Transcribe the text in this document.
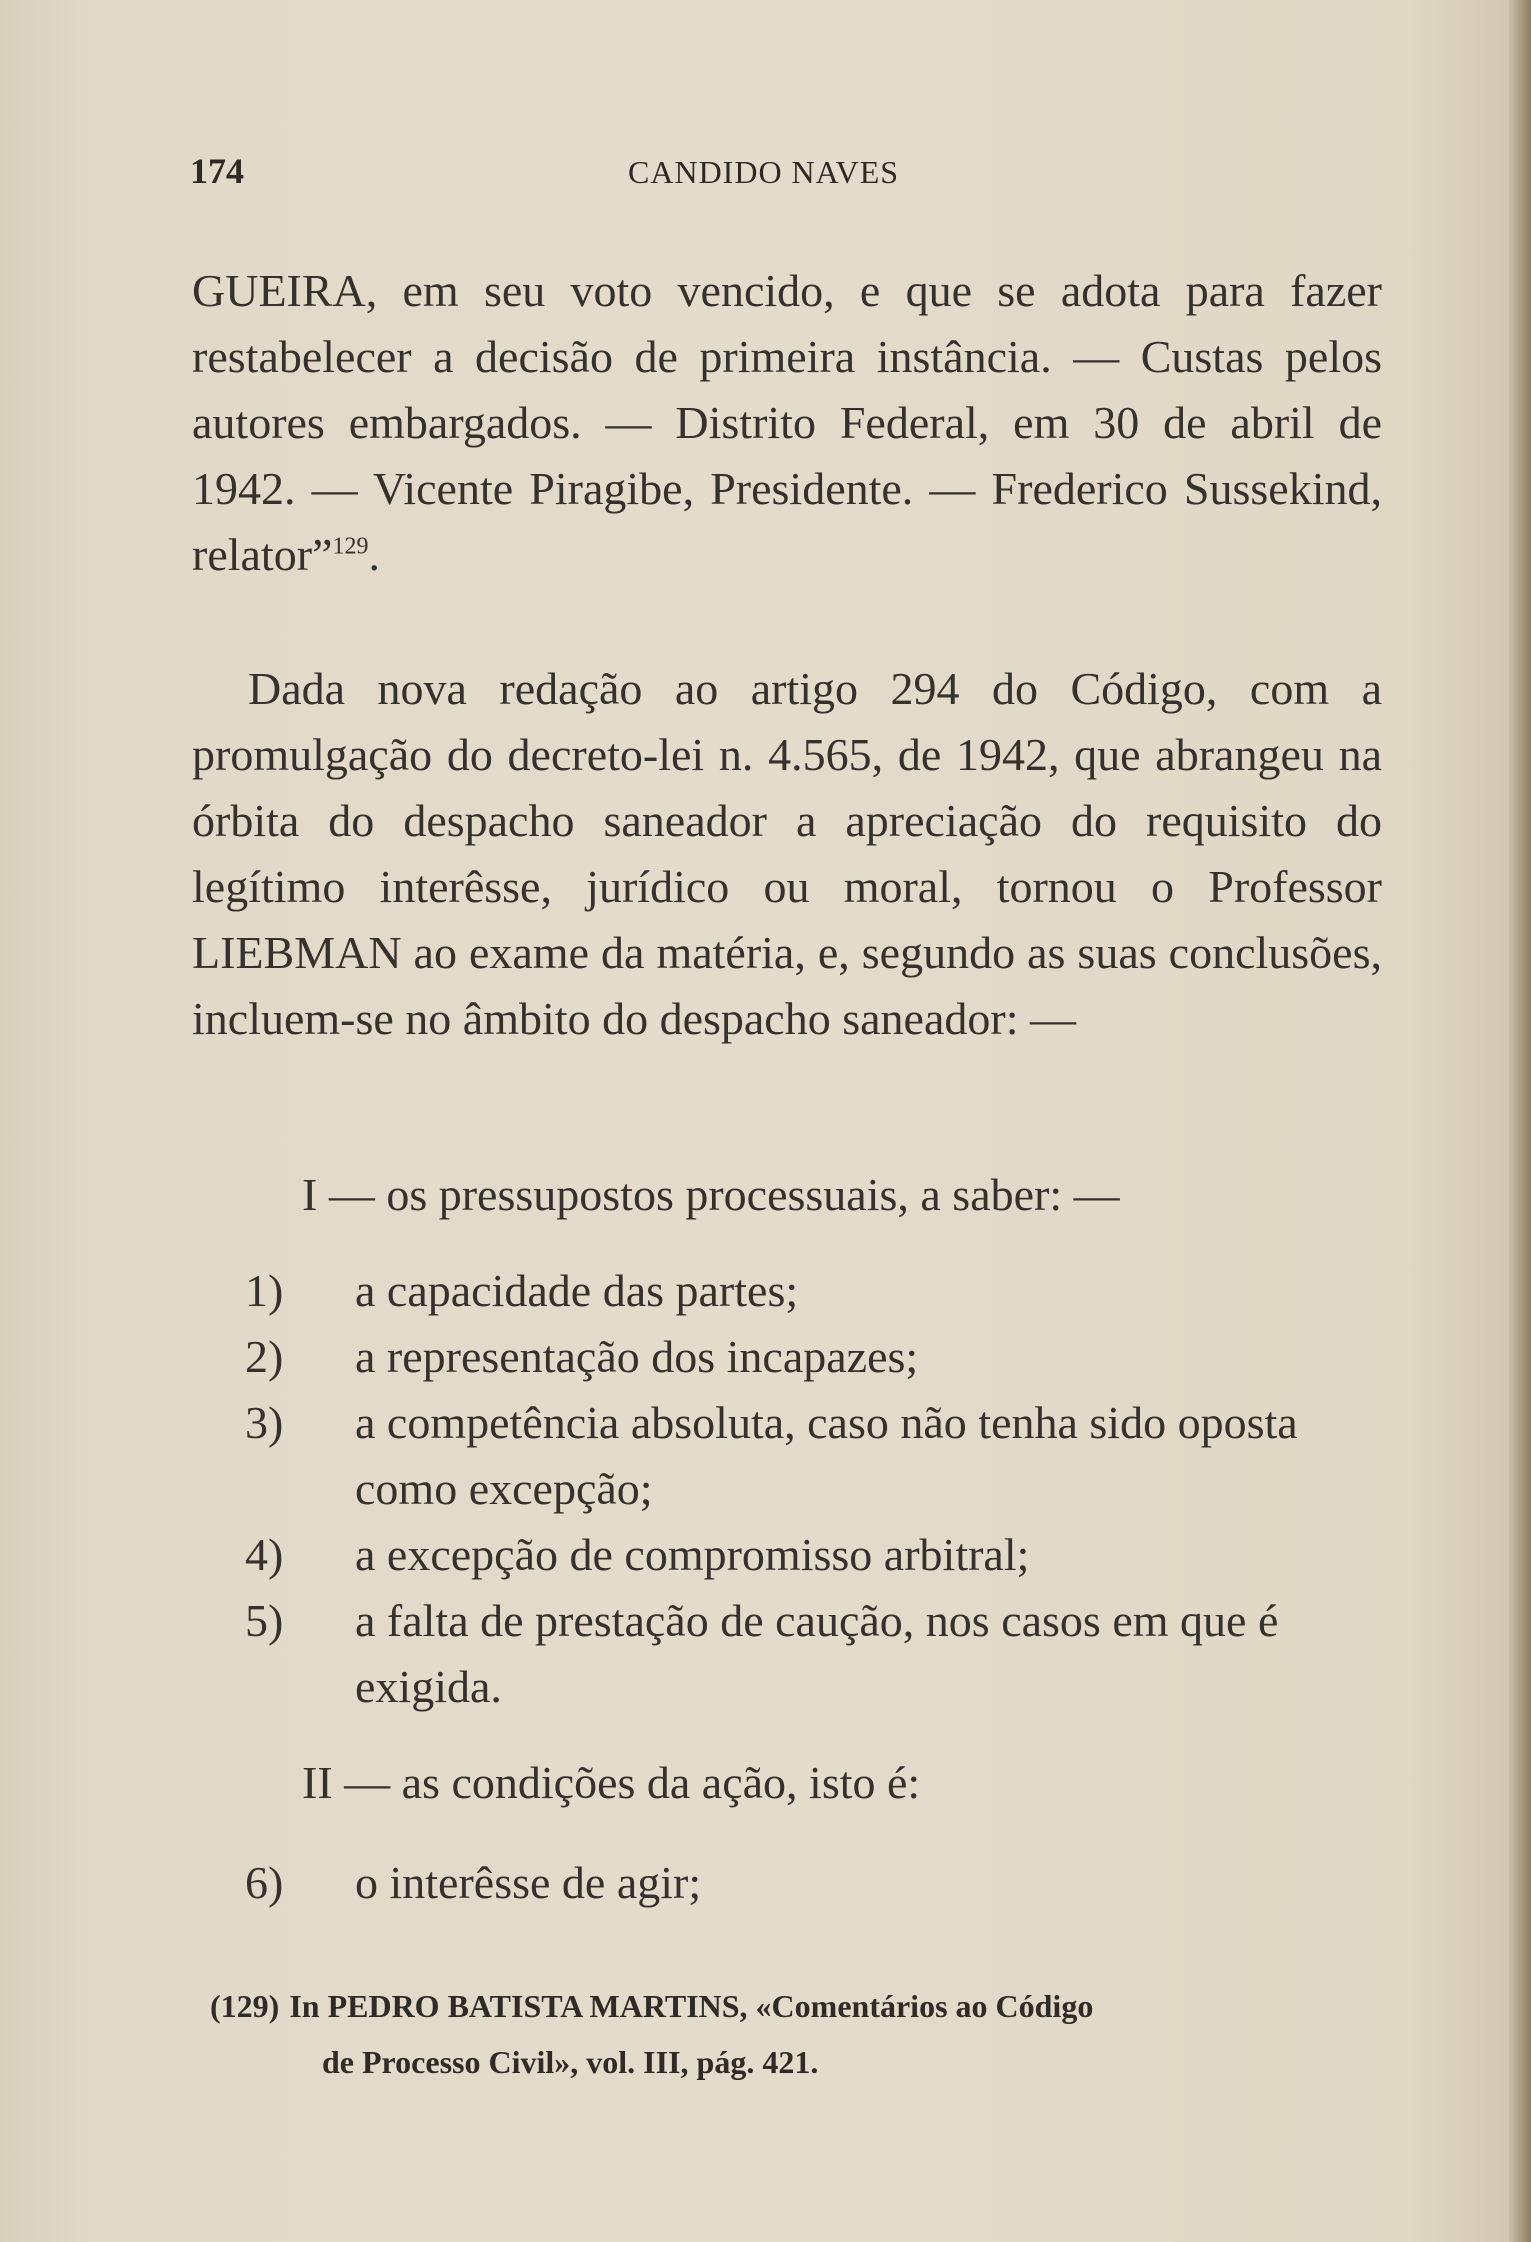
174	CANDIDO NAVES

GUEIRA, em seu voto vencido, e que se adota para fazer restabelecer a decisão de primeira instância. — Custas pelos autores embargados. — Distrito Federal, em 30 de abril de 1942. — Vicente Piragibe, Presidente. — Frederico Sussekind, relator”$^{129}$.

Dada nova redação ao artigo 294 do Código, com a promulgação do decreto-lei n. 4.565, de 1942, que abrangeu na órbita do despacho saneador a apreciação do requisito do legítimo interêsse, jurídico ou moral, tornou o Professor LIEBMAN ao exame da matéria, e, segundo as suas conclusões, incluem-se no âmbito do despacho saneador: —

I — os pressupostos processuais, a saber: —

1)	a capacidade das partes;
2)	a representação dos incapazes;
3)	a competência absoluta, caso não tenha sido oposta como excepção;
4)	a excepção de compromisso arbitral;
5)	a falta de prestação de caução, nos casos em que é exigida.

II — as condições da ação, isto é:

6)	o interêsse de agir;

(129) In PEDRO BATISTA MARTINS, «Comentários ao Código
de Processo Civil», vol. III, pág. 421.
